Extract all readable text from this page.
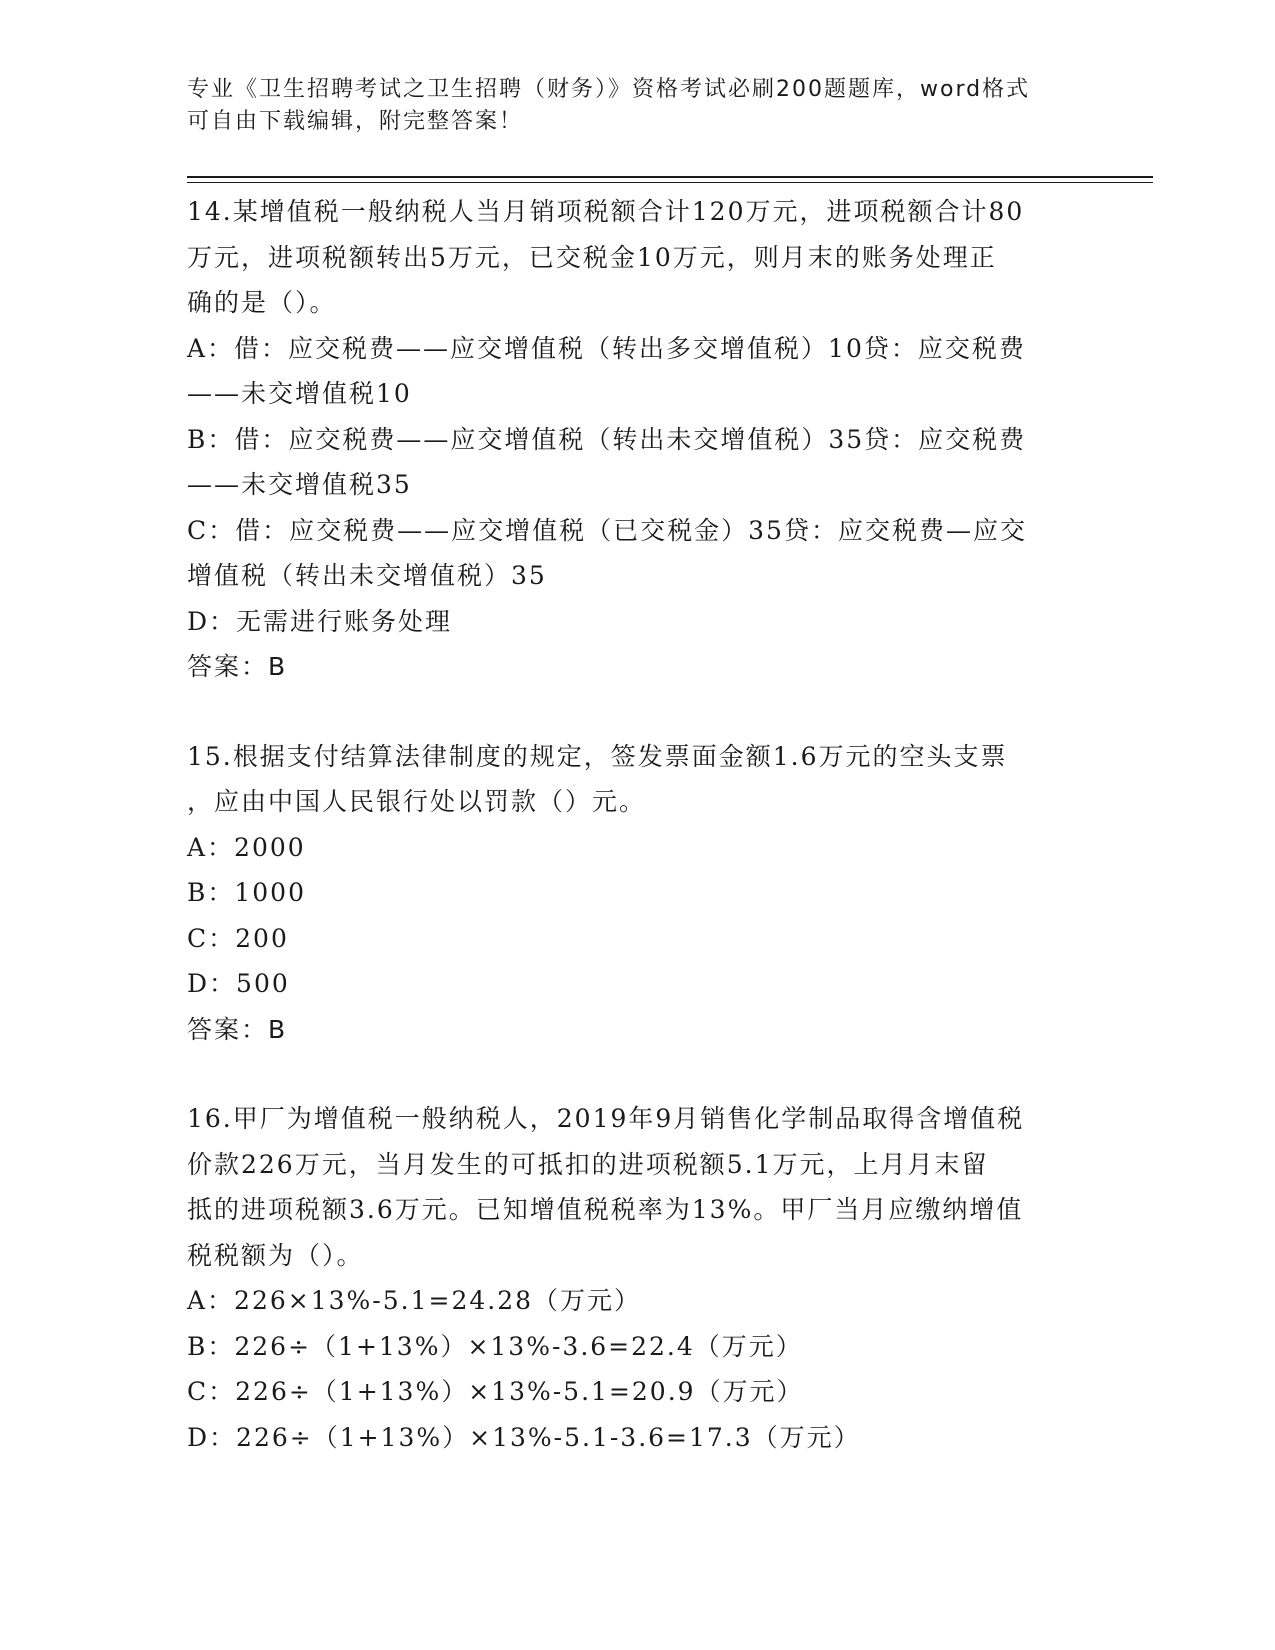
专业《卫生招聘考试之卫生招聘（财务）》资格考试必刷200题题库，word格式
可自由下载编辑，附完整答案！
14.某增值税一般纳税人当月销项税额合计120万元，进项税额合计80
万元，进项税额转出5万元，已交税金10万元，则月末的账务处理正
确的是（）。
A：借：应交税费——应交增值税（转出多交增值税）10贷：应交税费
——未交增值税10
B：借：应交税费——应交增值税（转出未交增值税）35贷：应交税费
——未交增值税35
C：借：应交税费——应交增值税（已交税金）35贷：应交税费—应交
增值税（转出未交增值税）35
D：无需进行账务处理
答案：B
15.根据支付结算法律制度的规定，签发票面金额1.6万元的空头支票
，应由中国人民银行处以罚款（）元。
A：2000
B：1000
C：200
D：500
答案：B
16.甲厂为增值税一般纳税人，2019年9月销售化学制品取得含增值税
价款226万元，当月发生的可抵扣的进项税额5.1万元，上月月末留
抵的进项税额3.6万元。已知增值税税率为13%。甲厂当月应缴纳增值
税税额为（）。
A：226×13%-5.1=24.28（万元）
B：226÷（1+13%）×13%-3.6=22.4（万元）
C：226÷（1+13%）×13%-5.1=20.9（万元）
D：226÷（1+13%）×13%-5.1-3.6=17.3（万元）
